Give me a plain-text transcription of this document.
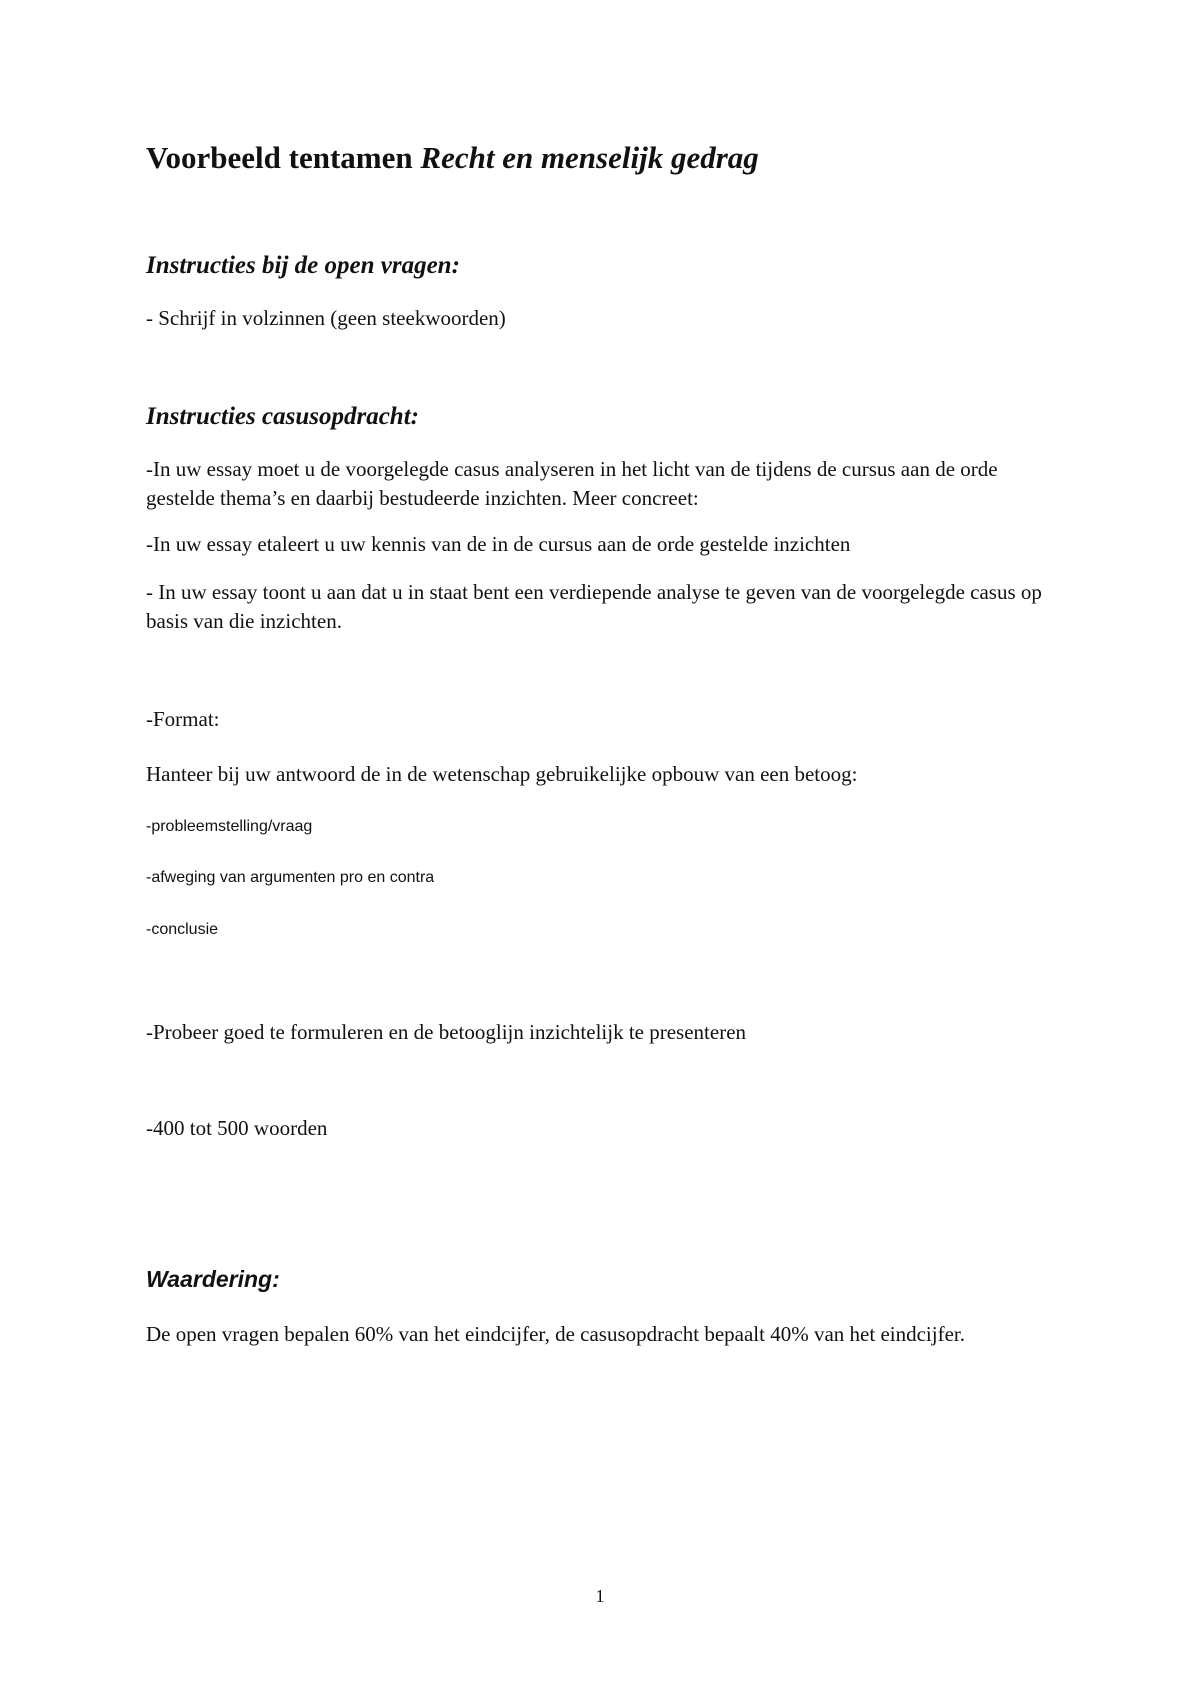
Voorbeeld tentamen Recht en menselijk gedrag
Instructies bij de open vragen:

- Schrijf in volzinnen (geen steekwoorden)

Instructies casusopdracht:

-In uw essay moet u de voorgelegde casus analyseren in het licht van de tijdens de cursus aan de orde gestelde thema’s en daarbij bestudeerde inzichten. Meer concreet:

-In uw essay etaleert u uw kennis van de in de cursus aan de orde gestelde inzichten

- In uw essay toont u aan dat u in staat bent een verdiepende analyse te geven van de voorgelegde casus op basis van die inzichten.

-Format:

Hanteer bij uw antwoord de in de wetenschap gebruikelijke opbouw van een betoog:

-probleemstelling/vraag

-afweging van argumenten pro en contra

-conclusie

-Probeer goed te formuleren en de betooglijn inzichtelijk te presenteren

-400 tot 500 woorden

Waardering:

De open vragen bepalen 60% van het eindcijfer, de casusopdracht bepaalt 40% van het eindcijfer.

1
